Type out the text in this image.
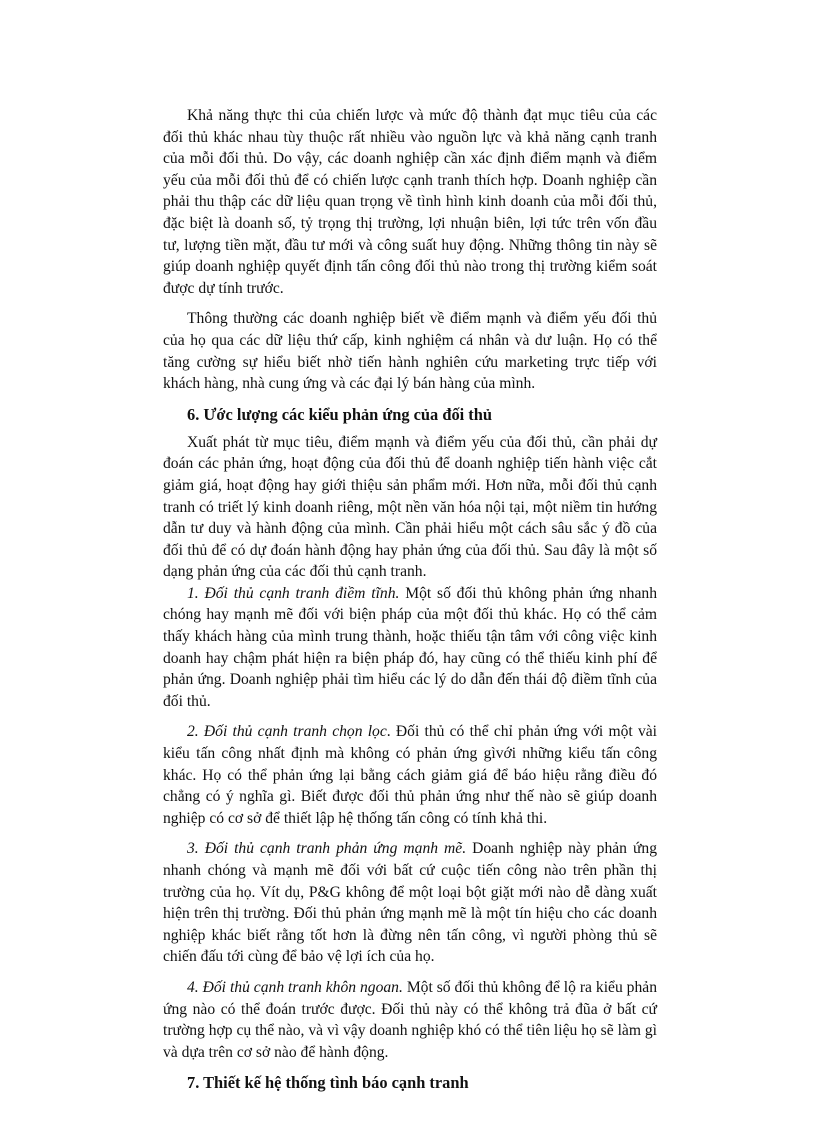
Khả năng thực thi của chiến lược và mức độ thành đạt mục tiêu của các đối thủ khác nhau tùy thuộc rất nhiều vào nguồn lực và khả năng cạnh tranh của mỗi đối thủ. Do vậy, các doanh nghiệp cần xác định điểm mạnh và điểm yếu của mỗi đối thủ để có chiến lược cạnh tranh thích hợp. Doanh nghiệp cần phải thu thập các dữ liệu quan trọng về tình hình kinh doanh của mỗi đối thủ, đặc biệt là doanh số, tỷ trọng thị trường, lợi nhuận biên, lợi tức trên vốn đầu tư, lượng tiền mặt, đầu tư mới và công suất huy động. Những thông tin này sẽ giúp doanh nghiệp quyết định tấn công đối thủ nào trong thị trường kiểm soát được dự tính trước.

Thông thường các doanh nghiệp biết về điểm mạnh và điểm yếu đối thủ của họ qua các dữ liệu thứ cấp, kinh nghiệm cá nhân và dư luận. Họ có thể tăng cường sự hiểu biết nhờ tiến hành nghiên cứu marketing trực tiếp với khách hàng, nhà cung ứng và các đại lý bán hàng của mình.

6. Ước lượng các kiểu phản ứng của đối thủ

Xuất phát từ mục tiêu, điểm mạnh và điểm yếu của đối thủ, cần phải dự đoán các phản ứng, hoạt động của đối thủ để doanh nghiệp tiến hành việc cắt giảm giá, hoạt động hay giới thiệu sản phẩm mới. Hơn nữa, mỗi đối thủ cạnh tranh có triết lý kinh doanh riêng, một nền văn hóa nội tại, một niềm tin hướng dẫn tư duy và hành động của mình. Cần phải hiểu một cách sâu sắc ý đồ của đối thủ để có dự đoán hành động hay phản ứng của đối thủ. Sau đây là một số dạng phản ứng của các đối thủ cạnh tranh.

1. Đối thủ cạnh tranh điềm tĩnh. Một số đối thủ không phản ứng nhanh chóng hay mạnh mẽ đối với biện pháp của một đối thủ khác. Họ có thể cảm thấy khách hàng của mình trung thành, hoặc thiếu tận tâm với công việc kinh doanh hay chậm phát hiện ra biện pháp đó, hay cũng có thể thiếu kinh phí để phản ứng. Doanh nghiệp phải tìm hiểu các lý do dẫn đến thái độ điềm tĩnh của đối thủ.

2. Đối thủ cạnh tranh chọn lọc. Đối thủ có thể chỉ phản ứng với một vài kiểu tấn công nhất định mà không có phản ứng gìvới những kiểu tấn công khác. Họ có thể phản ứng lại bằng cách giảm giá để báo hiệu rằng điều đó chẳng có ý nghĩa gì. Biết được đối thủ phản ứng như thế nào sẽ giúp doanh nghiệp có cơ sở để thiết lập hệ thống tấn công có tính khả thi.

3. Đối thủ cạnh tranh phản ứng mạnh mẽ. Doanh nghiệp này phản ứng nhanh chóng và mạnh mẽ đối với bất cứ cuộc tiến công nào trên phần thị trường của họ. Vít dụ, P&G không để một loại bột giặt mới nào dễ dàng xuất hiện trên thị trường. Đối thủ phản ứng mạnh mẽ là một tín hiệu cho các doanh nghiệp khác biết rằng tốt hơn là đừng nên tấn công, vì người phòng thủ sẽ chiến đấu tới cùng để bảo vệ lợi ích của họ.

4. Đối thủ cạnh tranh khôn ngoan. Một số đối thủ không để lộ ra kiểu phản ứng nào có thể đoán trước được. Đối thủ này có thể không trả đũa ở bất cứ trường hợp cụ thể nào, và vì vậy doanh nghiệp khó có thể tiên liệu họ sẽ làm gì và dựa trên cơ sở nào để hành động.

7. Thiết kế hệ thống tình báo cạnh tranh
